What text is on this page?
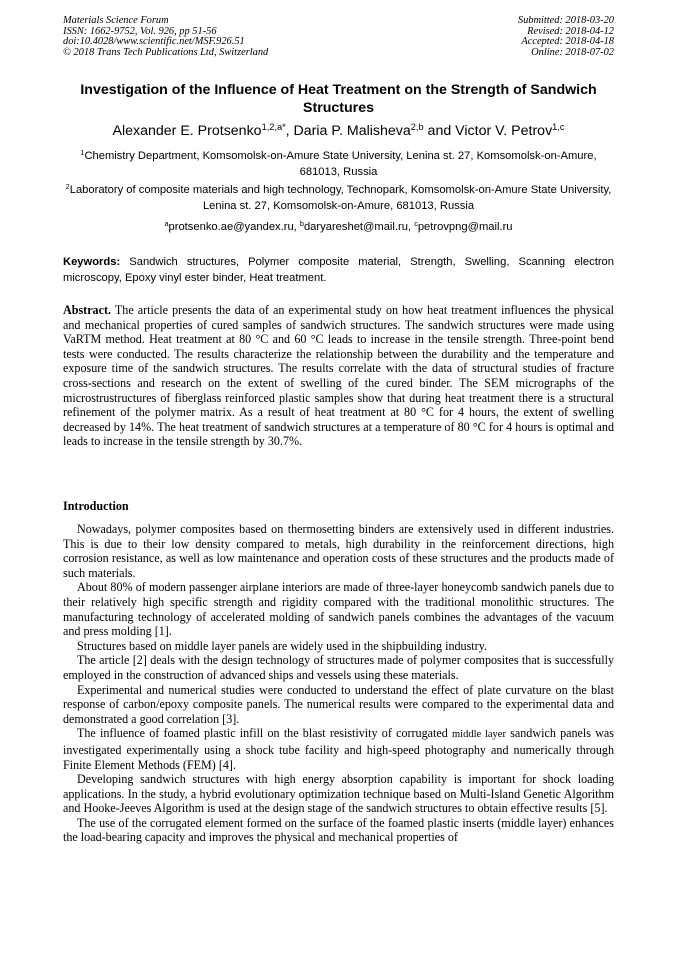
Materials Science Forum
ISSN: 1662-9752, Vol. 926, pp 51-56
doi:10.4028/www.scientific.net/MSF.926.51
© 2018 Trans Tech Publications Ltd, Switzerland
Submitted: 2018-03-20
Revised: 2018-04-12
Accepted: 2018-04-18
Online: 2018-07-02
Investigation of the Influence of Heat Treatment on the Strength of Sandwich Structures
Alexander E. Protsenko$^{1,2,a*}$, Daria P. Malisheva$^{2,b}$ and Victor V. Petrov$^{1,c}$
$^1$Chemistry Department, Komsomolsk-on-Amure State University, Lenina st. 27, Komsomolsk-on-Amure, 681013, Russia
$^2$Laboratory of composite materials and high technology, Technopark, Komsomolsk-on-Amure State University, Lenina st. 27, Komsomolsk-on-Amure, 681013, Russia
$^a$protsenko.ae@yandex.ru, $^b$daryareshet@mail.ru, $^c$petrovpng@mail.ru
Keywords: Sandwich structures, Polymer composite material, Strength, Swelling, Scanning electron microscopy, Epoxy vinyl ester binder, Heat treatment.
Abstract. The article presents the data of an experimental study on how heat treatment influences the physical and mechanical properties of cured samples of sandwich structures. The sandwich structures were made using VaRTM method. Heat treatment at 80 °C and 60 °C leads to increase in the tensile strength. Three-point bend tests were conducted. The results characterize the relationship between the durability and the temperature and exposure time of the sandwich structures. The results correlate with the data of structural studies of fracture cross-sections and research on the extent of swelling of the cured binder. The SEM micrographs of the microstrustructures of fiberglass reinforced plastic samples show that during heat treatment there is a structural refinement of the polymer matrix. As a result of heat treatment at 80 °C for 4 hours, the extent of swelling decreased by 14%. The heat treatment of sandwich structures at a temperature of 80 °C for 4 hours is optimal and leads to increase in the tensile strength by 30.7%.
Introduction

Nowadays, polymer composites based on thermosetting binders are extensively used in different industries. This is due to their low density compared to metals, high durability in the reinforcement directions, high corrosion resistance, as well as low maintenance and operation costs of these structures and the products made of such materials.

About 80% of modern passenger airplane interiors are made of three-layer honeycomb sandwich panels due to their relatively high specific strength and rigidity compared with the traditional monolithic structures. The manufacturing technology of accelerated molding of sandwich panels combines the advantages of the vacuum and press molding [1].

Structures based on middle layer panels are widely used in the shipbuilding industry.

The article [2] deals with the design technology of structures made of polymer composites that is successfully employed in the construction of advanced ships and vessels using these materials.

Experimental and numerical studies were conducted to understand the effect of plate curvature on the blast response of carbon/epoxy composite panels. The numerical results were compared to the experimental data and demonstrated a good correlation [3].

The influence of foamed plastic infill on the blast resistivity of corrugated middle layer sandwich panels was investigated experimentally using a shock tube facility and high-speed photography and numerically through Finite Element Methods (FEM) [4].

Developing sandwich structures with high energy absorption capability is important for shock loading applications. In the study, a hybrid evolutionary optimization technique based on Multi-Island Genetic Algorithm and Hooke-Jeeves Algorithm is used at the design stage of the sandwich structures to obtain effective results [5].

The use of the corrugated element formed on the surface of the foamed plastic inserts (middle layer) enhances the load-bearing capacity and improves the physical and mechanical properties of
